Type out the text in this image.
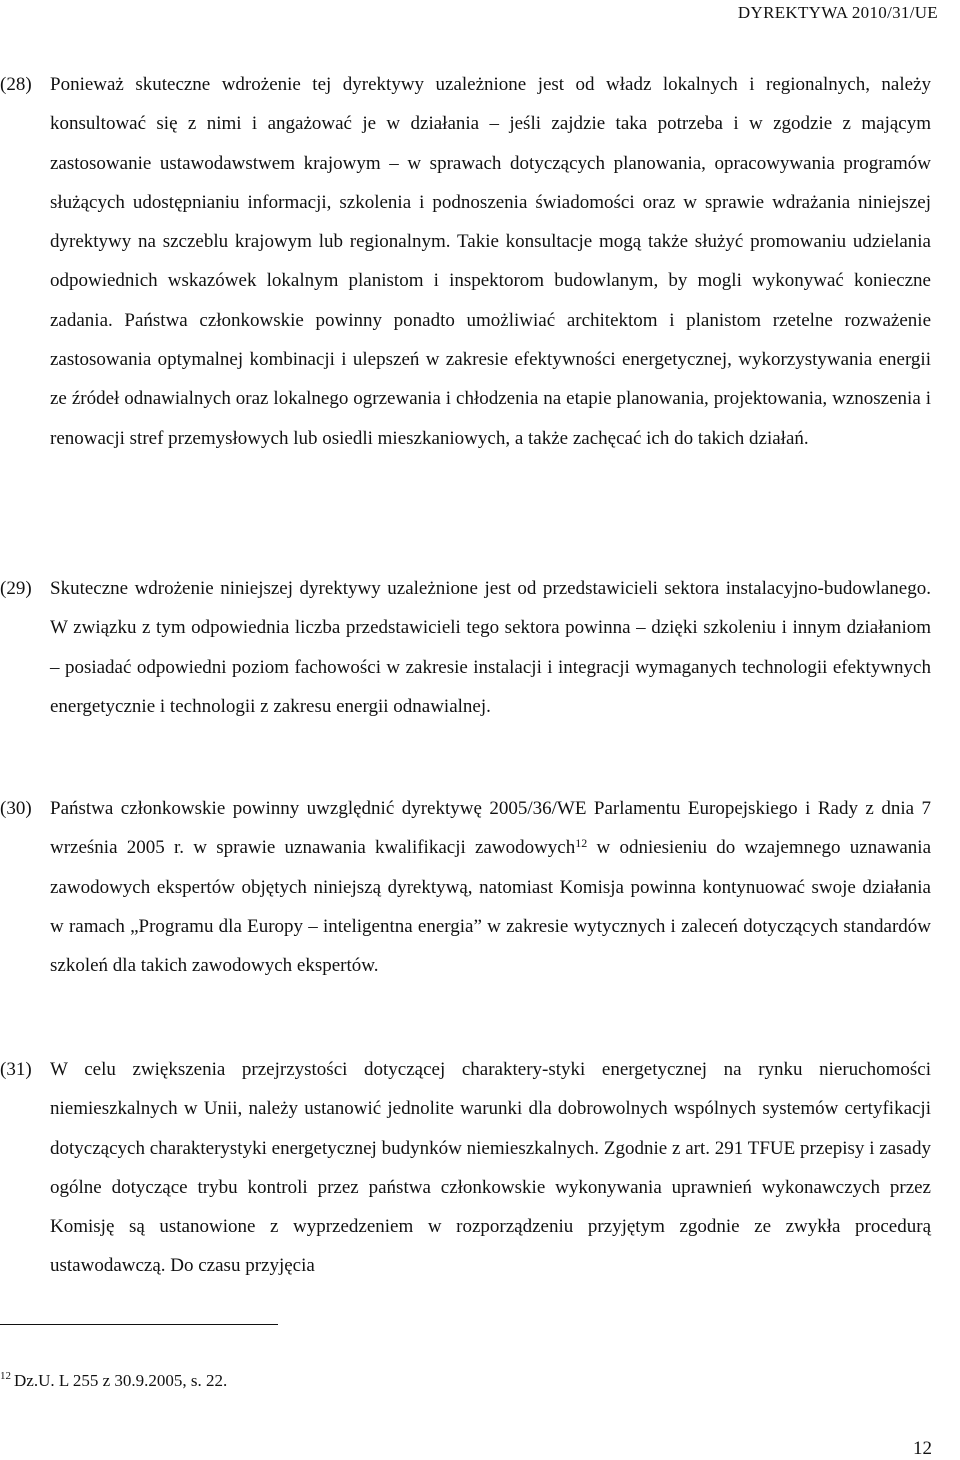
DYREKTYWA 2010/31/UE
(28) Ponieważ skuteczne wdrożenie tej dyrektywy uzależnione jest od władz lokalnych i regionalnych, należy konsultować się z nimi i angażować je w działania – jeśli zajdzie taka potrzeba i w zgodzie z mającym zastosowanie ustawodawstwem krajowym – w sprawach dotyczących planowania, opracowywania programów służących udostępnianiu informacji, szkolenia i podnoszenia świadomości oraz w sprawie wdrażania niniejszej dyrektywy na szczeblu krajowym lub regionalnym. Takie konsultacje mogą także służyć promowaniu udzielania odpowiednich wskazówek lokalnym planistom i inspektorom budowlanym, by mogli wykonywać konieczne zadania. Państwa członkowskie powinny ponadto umożliwiać architektom i planistom rzetelne rozważenie zastosowania optymalnej kombinacji i ulepszeń w zakresie efektywności energetycznej, wykorzystywania energii ze źródeł odnawialnych oraz lokalnego ogrzewania i chłodzenia na etapie planowania, projektowania, wznoszenia i renowacji stref przemysłowych lub osiedli mieszkaniowych, a także zachęcać ich do takich działań.
(29) Skuteczne wdrożenie niniejszej dyrektywy uzależnione jest od przedstawicieli sektora instalacyjno-budowlanego. W związku z tym odpowiednia liczba przedstawicieli tego sektora powinna – dzięki szkoleniu i innym działaniom – posiadać odpowiedni poziom fachowości w zakresie instalacji i integracji wymaganych technologii efektywnych energetycznie i technologii z zakresu energii odnawialnej.
(30) Państwa członkowskie powinny uwzględnić dyrektywę 2005/36/WE Parlamentu Europejskiego i Rady z dnia 7 września 2005 r. w sprawie uznawania kwalifikacji zawodowych$^{12}$ w odniesieniu do wzajemnego uznawania zawodowych ekspertów objętych niniejszą dyrektywą, natomiast Komisja powinna kontynuować swoje działania w ramach „Programu dla Europy – inteligentna energia” w zakresie wytycznych i zaleceń dotyczących standardów szkoleń dla takich zawodowych ekspertów.
(31) W celu zwiększenia przejrzystości dotyczącej charaktery-styki energetycznej na rynku nieruchomości niemieszkalnych w Unii, należy ustanowić jednolite warunki dla dobrowolnych wspólnych systemów certyfikacji dotyczących charakterystyki energetycznej budynków niemieszkalnych. Zgodnie z art. 291 TFUE przepisy i zasady ogólne dotyczące trybu kontroli przez państwa członkowskie wykonywania uprawnień wykonawczych przez Komisję są ustanowione z wyprzedzeniem w rozporządzeniu przyjętym zgodnie ze zwykła procedurą ustawodawczą. Do czasu przyjęcia
$^{12}$ Dz.U. L 255 z 30.9.2005, s. 22.
12
